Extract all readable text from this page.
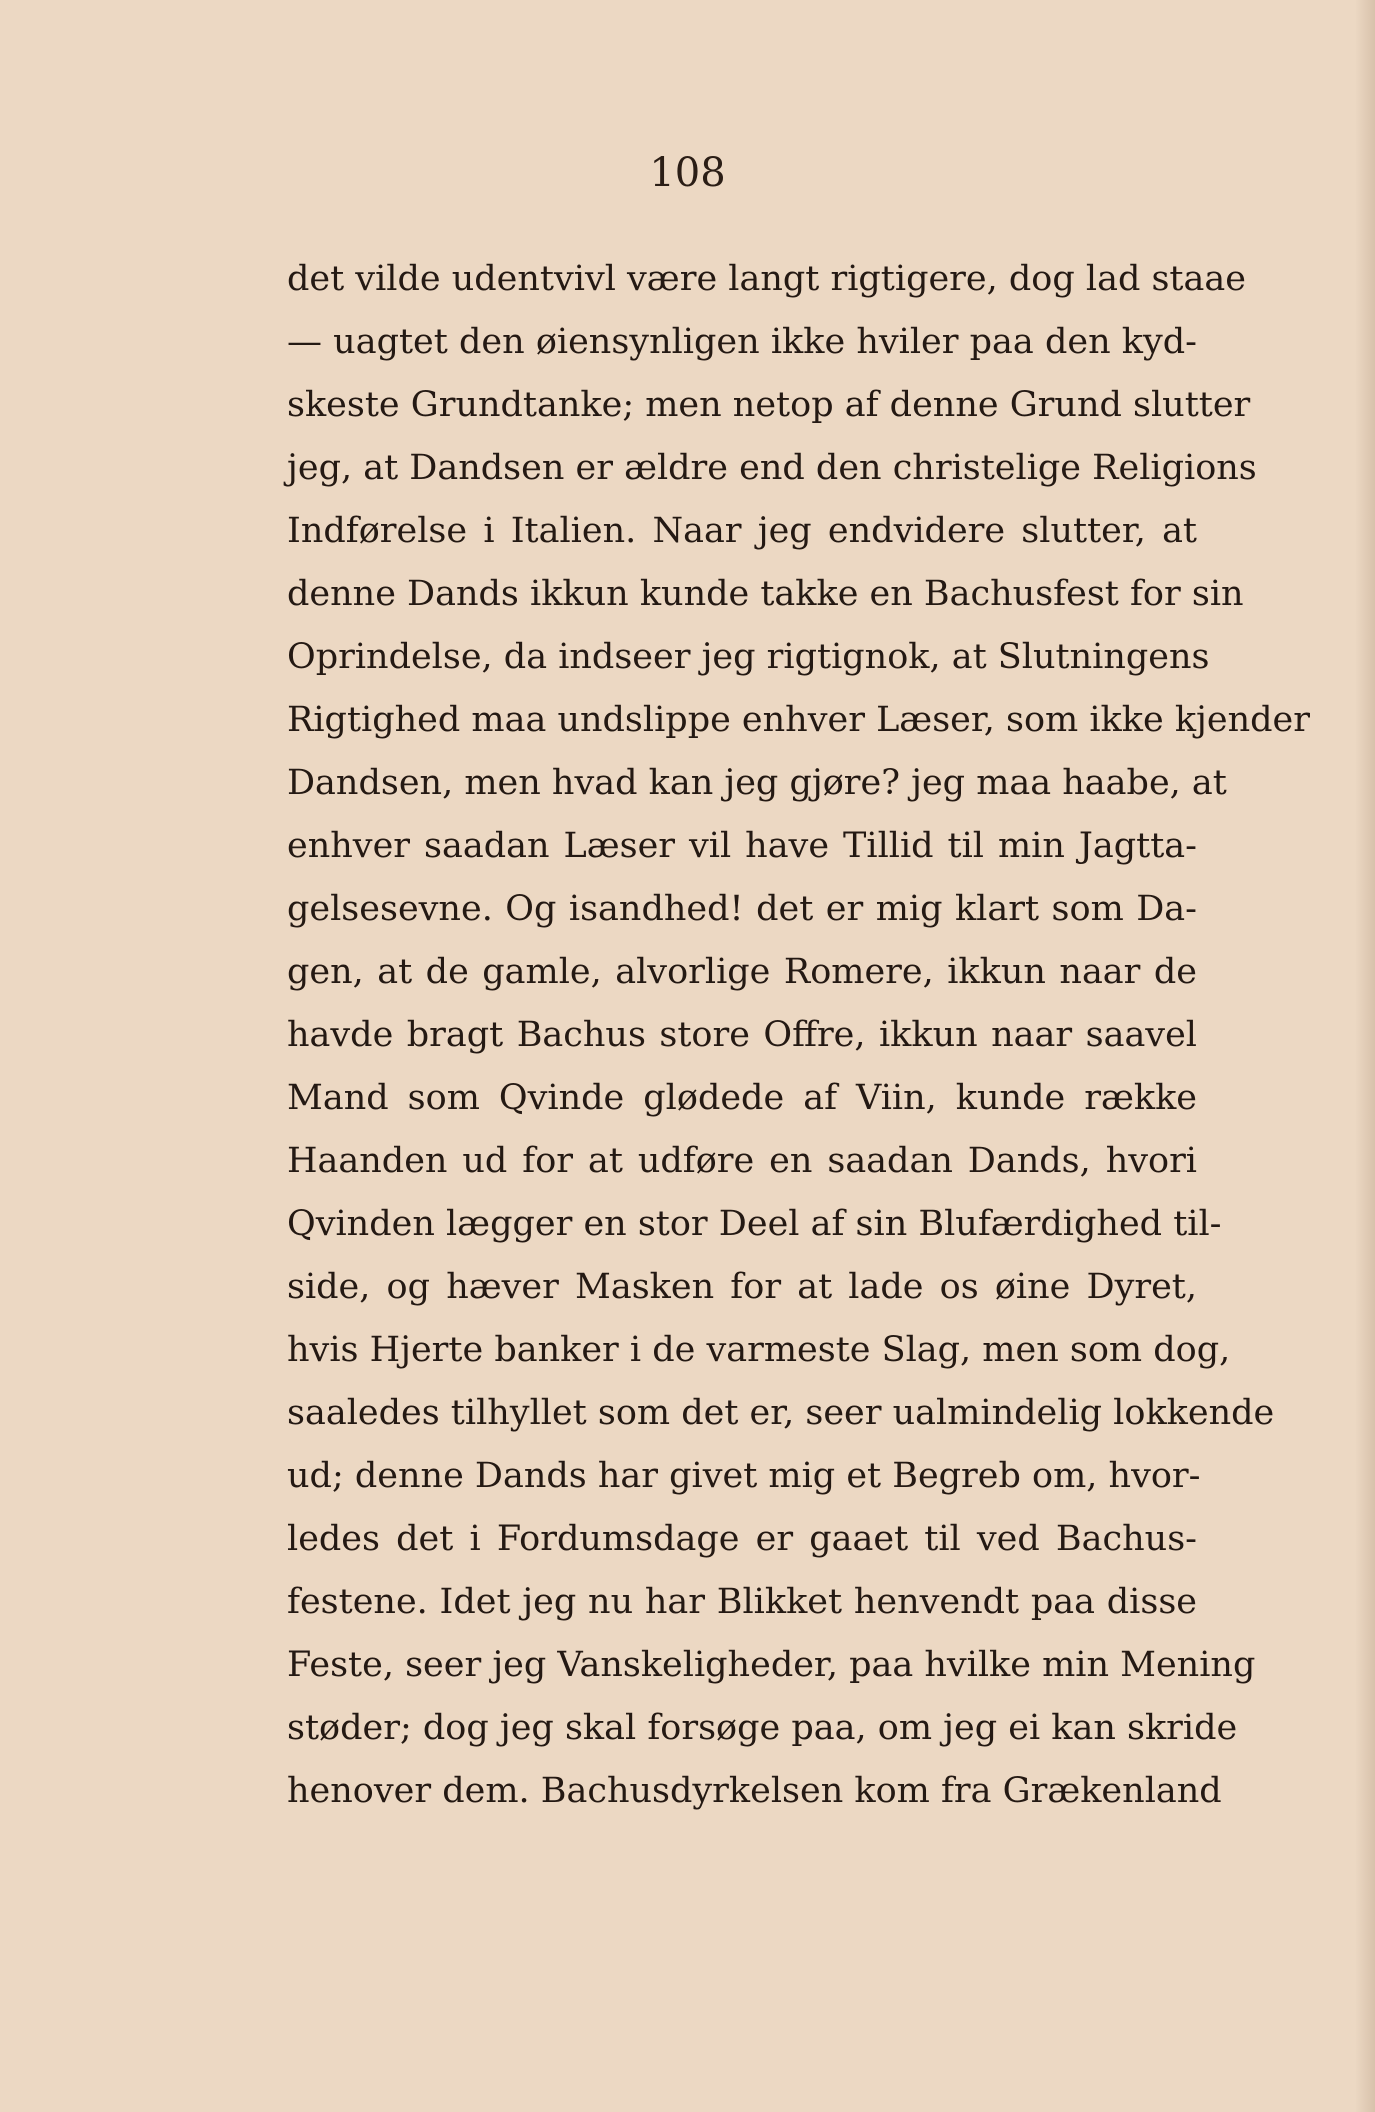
108
det vilde udentvivl være langt rigtigere, dog lad staae
— uagtet den øiensynligen ikke hviler paa den kyd-
skeste Grundtanke; men netop af denne Grund slutter
jeg, at Dandsen er ældre end den christelige Religions
Indførelse i Italien. Naar jeg endvidere slutter, at
denne Dands ikkun kunde takke en Bachusfest for sin
Oprindelse, da indseer jeg rigtignok, at Slutningens
Rigtighed maa undslippe enhver Læser, som ikke kjender
Dandsen, men hvad kan jeg gjøre? jeg maa haabe, at
enhver saadan Læser vil have Tillid til min Jagtta-
gelsesevne. Og isandhed! det er mig klart som Da-
gen, at de gamle, alvorlige Romere, ikkun naar de
havde bragt Bachus store Offre, ikkun naar saavel
Mand som Qvinde glødede af Viin, kunde række
Haanden ud for at udføre en saadan Dands, hvori
Qvinden lægger en stor Deel af sin Blufærdighed til-
side, og hæver Masken for at lade os øine Dyret,
hvis Hjerte banker i de varmeste Slag, men som dog,
saaledes tilhyllet som det er, seer ualmindelig lokkende
ud; denne Dands har givet mig et Begreb om, hvor-
ledes det i Fordumsdage er gaaet til ved Bachus-
festene. Idet jeg nu har Blikket henvendt paa disse
Feste, seer jeg Vanskeligheder, paa hvilke min Mening
støder; dog jeg skal forsøge paa, om jeg ei kan skride
henover dem. Bachusdyrkelsen kom fra Grækenland
